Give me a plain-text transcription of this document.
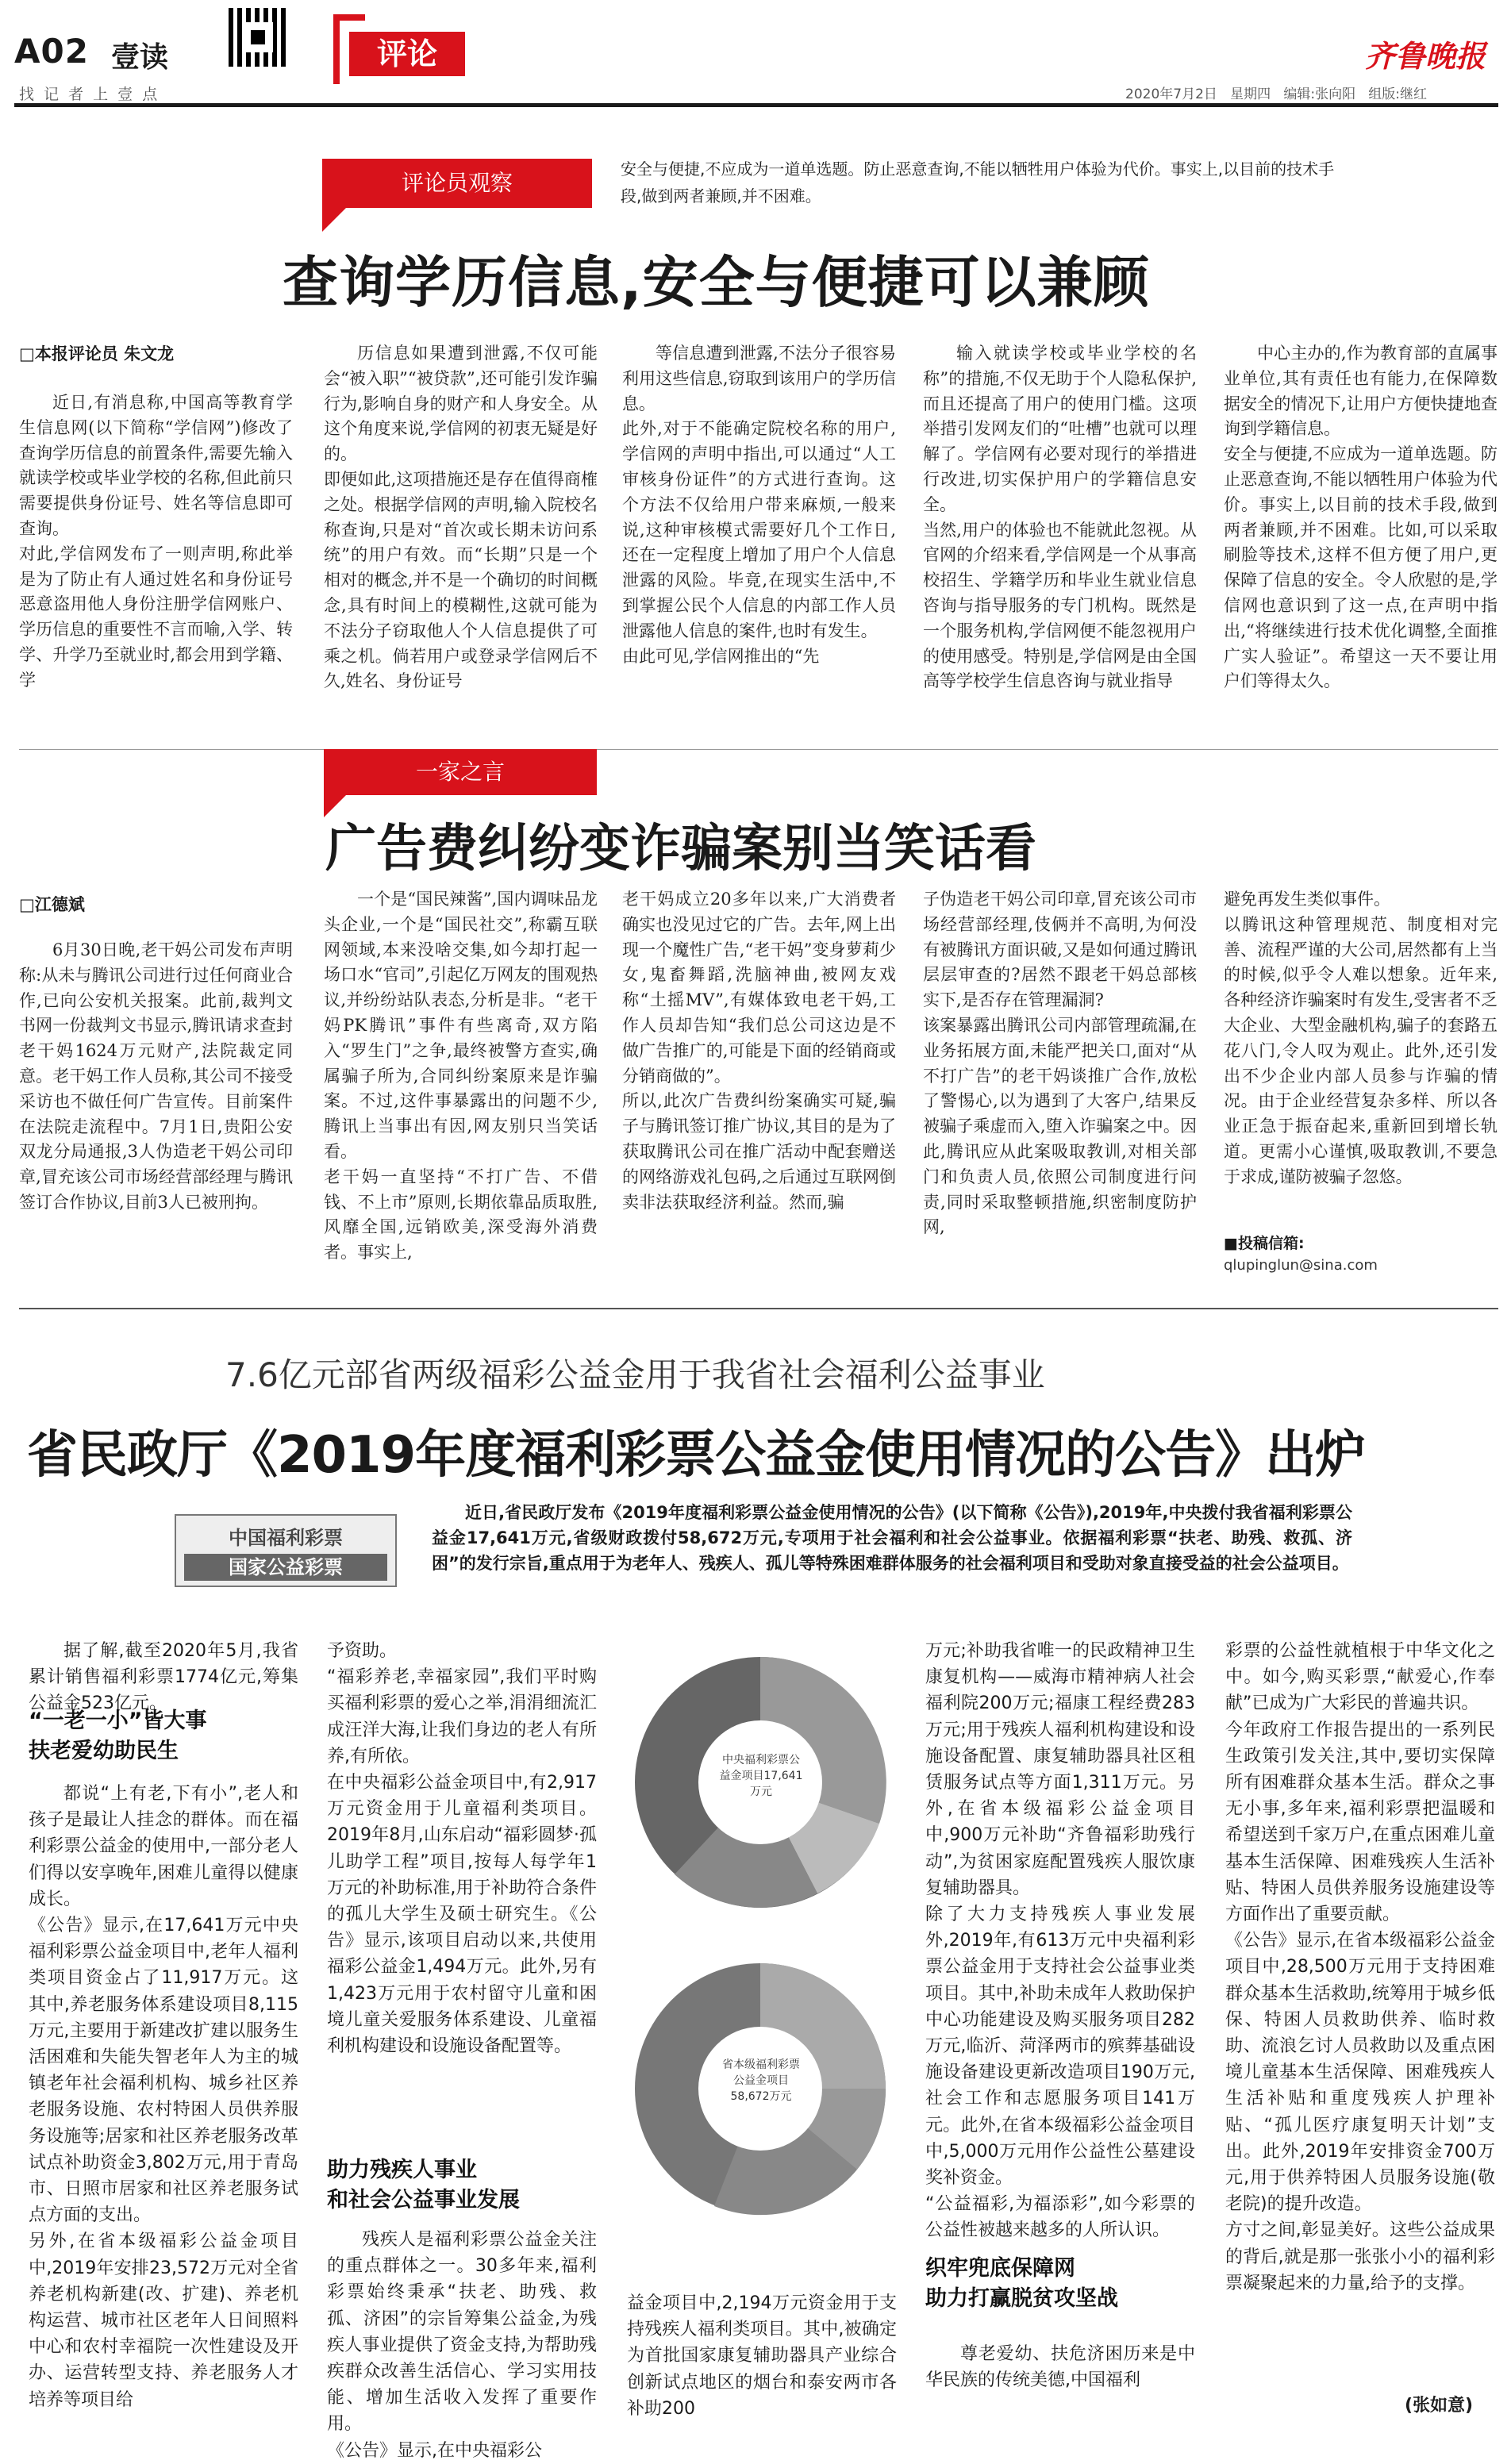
A02 壹读
找 记 者 上 壹 点
评论
2020年7月2日 星期四 编辑:张向阳 组版:继红
齐鲁晚报
评论员观察
安全与便捷,不应成为一道单选题。防止恶意查询,不能以牺牲用户体验为代价。事实上,以目前的技术手段,做到两者兼顾,并不困难。
查询学历信息,安全与便捷可以兼顾
□本报评论员 朱文龙
近日,有消息称,中国高等教育学生信息网(以下简称“学信网”)修改了查询学历信息的前置条件,需要先输入就读学校或毕业学校的名称,但此前只需要提供身份证号、姓名等信息即可查询。
对此,学信网发布了一则声明,称此举是为了防止有人通过姓名和身份证号恶意盗用他人身份注册学信网账户、学历信息的重要性不言而喻,入学、转学、升学乃至就业时,都会用到学籍、学
历信息如果遭到泄露,不仅可能会“被入职”“被贷款”,还可能引发诈骗行为,影响自身的财产和人身安全。从这个角度来说,学信网的初衷无疑是好的。
即便如此,这项措施还是存在值得商榷之处。根据学信网的声明,输入院校名称查询,只是对“首次或长期未访问系统”的用户有效。而“长期”只是一个相对的概念,并不是一个确切的时间概念,具有时间上的模糊性,这就可能为不法分子窃取他人个人信息提供了可乘之机。倘若用户或登录学信网后不久,姓名、身份证号
等信息遭到泄露,不法分子很容易利用这些信息,窃取到该用户的学历信息。
此外,对于不能确定院校名称的用户,学信网的声明中指出,可以通过“人工审核身份证件”的方式进行查询。这个方法不仅给用户带来麻烦,一般来说,这种审核模式需要好几个工作日,还在一定程度上增加了用户个人信息泄露的风险。毕竟,在现实生活中,不到掌握公民个人信息的内部工作人员泄露他人信息的案件,也时有发生。
由此可见,学信网推出的“先
输入就读学校或毕业学校的名称”的措施,不仅无助于个人隐私保护,而且还提高了用户的使用门槛。这项举措引发网友们的“吐槽”也就可以理解了。学信网有必要对现行的举措进行改进,切实保护用户的学籍信息安全。
当然,用户的体验也不能就此忽视。从官网的介绍来看,学信网是一个从事高校招生、学籍学历和毕业生就业信息咨询与指导服务的专门机构。既然是一个服务机构,学信网便不能忽视用户的使用感受。特别是,学信网是由全国高等学校学生信息咨询与就业指导
中心主办的,作为教育部的直属事业单位,其有责任也有能力,在保障数据安全的情况下,让用户方便快捷地查询到学籍信息。
安全与便捷,不应成为一道单选题。防止恶意查询,不能以牺牲用户体验为代价。事实上,以目前的技术手段,做到两者兼顾,并不困难。比如,可以采取刷脸等技术,这样不但方便了用户,更保障了信息的安全。令人欣慰的是,学信网也意识到了这一点,在声明中指出,“将继续进行技术优化调整,全面推广实人验证”。希望这一天不要让用户们等得太久。
一家之言
广告费纠纷变诈骗案别当笑话看
□江德斌
6月30日晚,老干妈公司发布声明称:从未与腾讯公司进行过任何商业合作,已向公安机关报案。此前,裁判文书网一份裁判文书显示,腾讯请求查封老干妈1624万元财产,法院裁定同意。老干妈工作人员称,其公司不接受采访也不做任何广告宣传。目前案件在法院走流程中。7月1日,贵阳公安双龙分局通报,3人伪造老干妈公司印章,冒充该公司市场经营部经理与腾讯签订合作协议,目前3人已被刑拘。
一个是“国民辣酱”,国内调味品龙头企业,一个是“国民社交”,称霸互联网领域,本来没啥交集,如今却打起一场口水“官司”,引起亿万网友的围观热议,并纷纷站队表态,分析是非。“老干妈PK腾讯”事件有些离奇,双方陷入“罗生门”之争,最终被警方查实,确属骗子所为,合同纠纷案原来是诈骗案。不过,这件事暴露出的问题不少,腾讯上当事出有因,网友别只当笑话看。
老干妈一直坚持“不打广告、不借钱、不上市”原则,长期依靠品质取胜,风靡全国,远销欧美,深受海外消费者。事实上,
老干妈成立20多年以来,广大消费者确实也没见过它的广告。去年,网上出现一个魔性广告,“老干妈”变身萝莉少女,鬼畜舞蹈,洗脑神曲,被网友戏称“土摇MV”,有媒体致电老干妈,工作人员却告知“我们总公司这边是不做广告推广的,可能是下面的经销商或分销商做的”。
所以,此次广告费纠纷案确实可疑,骗子与腾讯签订推广协议,其目的是为了获取腾讯公司在推广活动中配套赠送的网络游戏礼包码,之后通过互联网倒卖非法获取经济利益。然而,骗
子伪造老干妈公司印章,冒充该公司市场经营部经理,伎俩并不高明,为何没有被腾讯方面识破,又是如何通过腾讯层层审查的?居然不跟老干妈总部核实下,是否存在管理漏洞?
该案暴露出腾讯公司内部管理疏漏,在业务拓展方面,未能严把关口,面对“从不打广告”的老干妈谈推广合作,放松了警惕心,以为遇到了大客户,结果反被骗子乘虚而入,堕入诈骗案之中。因此,腾讯应从此案吸取教训,对相关部门和负责人员,依照公司制度进行问责,同时采取整顿措施,织密制度防护网,
避免再发生类似事件。
以腾讯这种管理规范、制度相对完善、流程严谨的大公司,居然都有上当的时候,似乎令人难以想象。近年来,各种经济诈骗案时有发生,受害者不乏大企业、大型金融机构,骗子的套路五花八门,令人叹为观止。此外,还引发出不少企业内部人员参与诈骗的情况。由于企业经营复杂多样、所以各业正急于振奋起来,重新回到增长轨道。更需小心谨慎,吸取教训,不要急于求成,谨防被骗子忽悠。
■投稿信箱:
qlupinglun@sina.com
7.6亿元部省两级福彩公益金用于我省社会福利公益事业
省民政厅《2019年度福利彩票公益金使用情况的公告》出炉
中国福利彩票
国家公益彩票
近日,省民政厅发布《2019年度福利彩票公益金使用情况的公告》(以下简称《公告》),2019年,中央拨付我省福利彩票公益金17,641万元,省级财政拨付58,672万元,专项用于社会福利和社会公益事业。依据福利彩票“扶老、助残、救孤、济困”的发行宗旨,重点用于为老年人、残疾人、孤儿等特殊困难群体服务的社会福利项目和受助对象直接受益的社会公益项目。
据了解,截至2020年5月,我省累计销售福利彩票1774亿元,筹集公益金523亿元。
“一老一小”皆大事
扶老爱幼助民生
都说“上有老,下有小”,老人和孩子是最让人挂念的群体。而在福利彩票公益金的使用中,一部分老人们得以安享晚年,困难儿童得以健康成长。
《公告》显示,在17,641万元中央福利彩票公益金项目中,老年人福利类项目资金占了11,917万元。这其中,养老服务体系建设项目8,115万元,主要用于新建改扩建以服务生活困难和失能失智老年人为主的城镇老年社会福利机构、城乡社区养老服务设施、农村特困人员供养服务设施等;居家和社区养老服务改革试点补助资金3,802万元,用于青岛市、日照市居家和社区养老服务试点方面的支出。
另外,在省本级福彩公益金项目中,2019年安排23,572万元对全省养老机构新建(改、扩建)、养老机构运营、城市社区老年人日间照料中心和农村幸福院一次性建设及开办、运营转型支持、养老服务人才培养等项目给
予资助。
“福彩养老,幸福家园”,我们平时购买福利彩票的爱心之举,涓涓细流汇成汪洋大海,让我们身边的老人有所养,有所依。
在中央福彩公益金项目中,有2,917万元资金用于儿童福利类项目。2019年8月,山东启动“福彩圆梦·孤儿助学工程”项目,按每人每学年1万元的补助标准,用于补助符合条件的孤儿大学生及硕士研究生。《公告》显示,该项目启动以来,共使用福彩公益金1,494万元。此外,另有1,423万元用于农村留守儿童和困境儿童关爱服务体系建设、儿童福利机构建设和设施设备配置等。
助力残疾人事业
和社会公益事业发展
残疾人是福利彩票公益金关注的重点群体之一。30多年来,福利彩票始终秉承“扶老、助残、救孤、济困”的宗旨筹集公益金,为残疾人事业提供了资金支持,为帮助残疾群众改善生活信心、学习实用技能、增加生活收入发挥了重要作用。
《公告》显示,在中央福彩公
中央福利彩票公益金项目17,641万元
省本级福利彩票公益金项目58,672万元
益金项目中,2,194万元资金用于支持残疾人福利类项目。其中,被确定为首批国家康复辅助器具产业综合创新试点地区的烟台和泰安两市各补助200
万元;补助我省唯一的民政精神卫生康复机构——威海市精神病人社会福利院200万元;福康工程经费283万元;用于残疾人福利机构建设和设施设备配置、康复辅助器具社区租赁服务试点等方面1,311万元。另外,在省本级福彩公益金项目中,900万元补助“齐鲁福彩助残行动”,为贫困家庭配置残疾人服饮康复辅助器具。
除了大力支持残疾人事业发展外,2019年,有613万元中央福利彩票公益金用于支持社会公益事业类项目。其中,补助未成年人救助保护中心功能建设及购买服务项目282万元,临沂、菏泽两市的殡葬基础设施设备建设更新改造项目190万元,社会工作和志愿服务项目141万元。此外,在省本级福彩公益金项目中,5,000万元用作公益性公墓建设奖补资金。
“公益福彩,为福添彩”,如今彩票的公益性被越来越多的人所认识。
织牢兜底保障网
助力打赢脱贫攻坚战
尊老爱幼、扶危济困历来是中华民族的传统美德,中国福利
彩票的公益性就植根于中华文化之中。如今,购买彩票,“献爱心,作奉献”已成为广大彩民的普遍共识。
今年政府工作报告提出的一系列民生政策引发关注,其中,要切实保障所有困难群众基本生活。群众之事无小事,多年来,福利彩票把温暖和希望送到千家万户,在重点困难儿童基本生活保障、困难残疾人生活补贴、特困人员供养服务设施建设等方面作出了重要贡献。
《公告》显示,在省本级福彩公益金项目中,28,500万元用于支持困难群众基本生活救助,统筹用于城乡低保、特困人员救助供养、临时救助、流浪乞讨人员救助以及重点困境儿童基本生活保障、困难残疾人生活补贴和重度残疾人护理补贴、“孤儿医疗康复明天计划”支出。此外,2019年安排资金700万元,用于供养特困人员服务设施(敬老院)的提升改造。
方寸之间,彰显美好。这些公益成果的背后,就是那一张张小小的福利彩票凝聚起来的力量,给予的支撑。
(张如意)
